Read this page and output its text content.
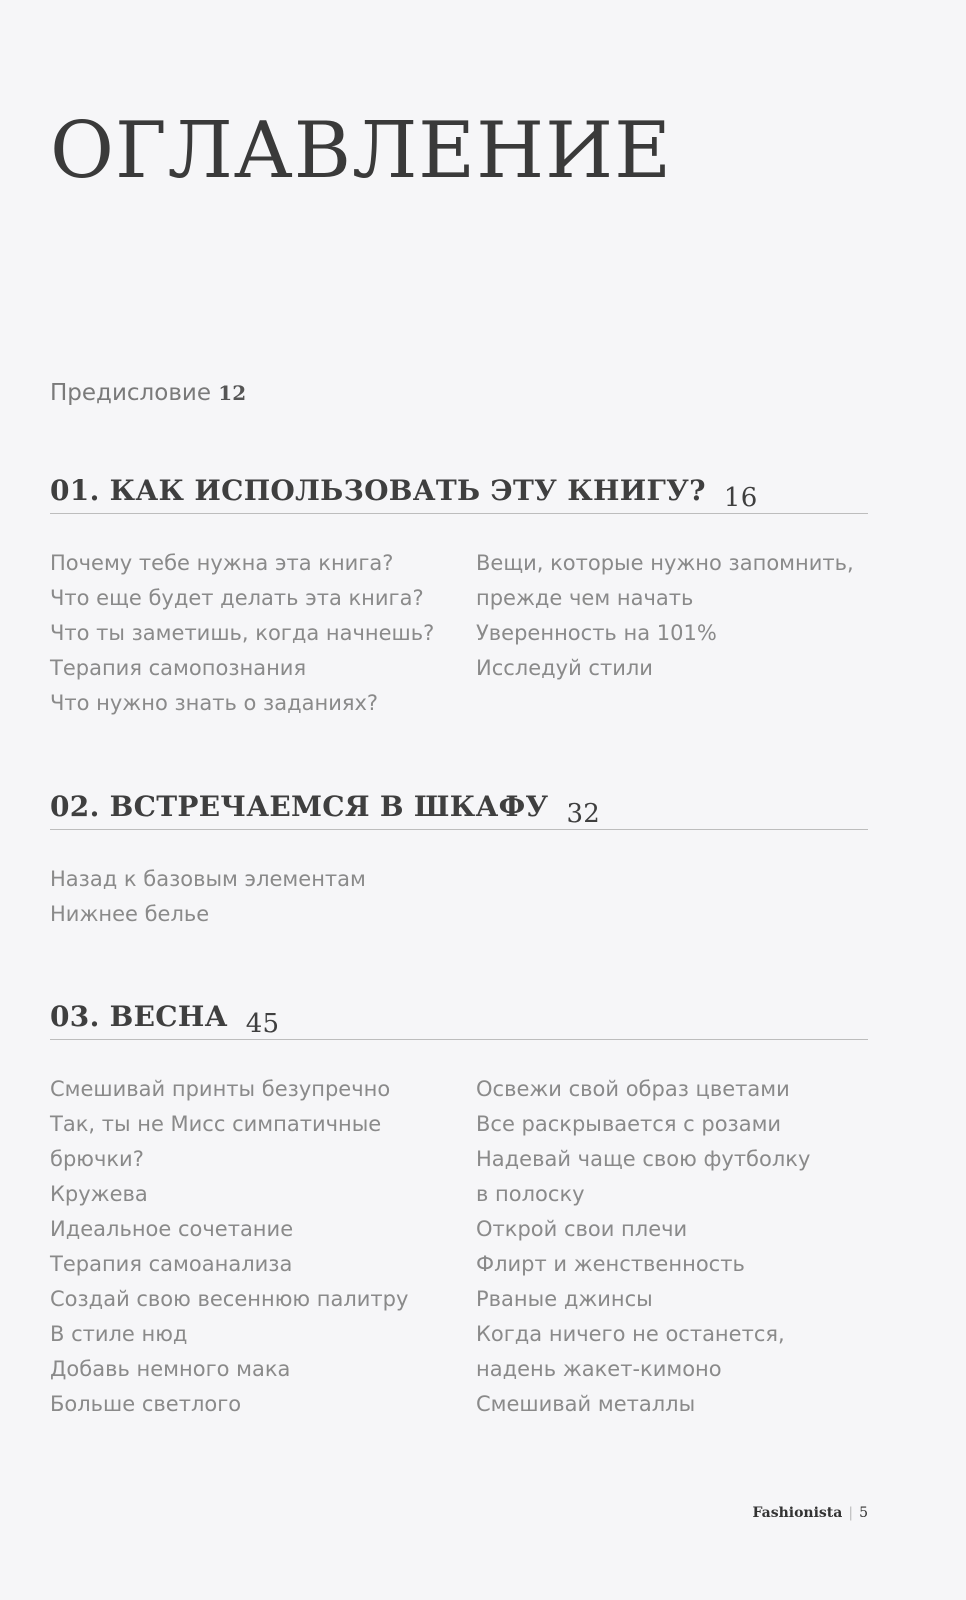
ОГЛАВЛЕНИЕ
Предисловие 12
01. КАК ИСПОЛЬЗОВАТЬ ЭТУ КНИГУ? 16
Почему тебе нужна эта книга?
Что еще будет делать эта книга?
Что ты заметишь, когда начнешь?
Терапия самопознания
Что нужно знать о заданиях?
Вещи, которые нужно запомнить,
прежде чем начать
Уверенность на 101%
Исследуй стили
02. ВСТРЕЧАЕМСЯ В ШКАФУ 32
Назад к базовым элементам
Нижнее белье
03. ВЕСНА 45
Смешивай принты безупречно
Так, ты не Мисс симпатичные
брючки?
Кружева
Идеальное сочетание
Терапия самоанализа
Создай свою весеннюю палитру
В стиле нюд
Добавь немного мака
Больше светлого
Освежи свой образ цветами
Все раскрывается с розами
Надевай чаще свою футболку
в полоску
Открой свои плечи
Флирт и женственность
Рваные джинсы
Когда ничего не останется,
надень жакет-кимоно
Смешивай металлы
Fashionista | 5
